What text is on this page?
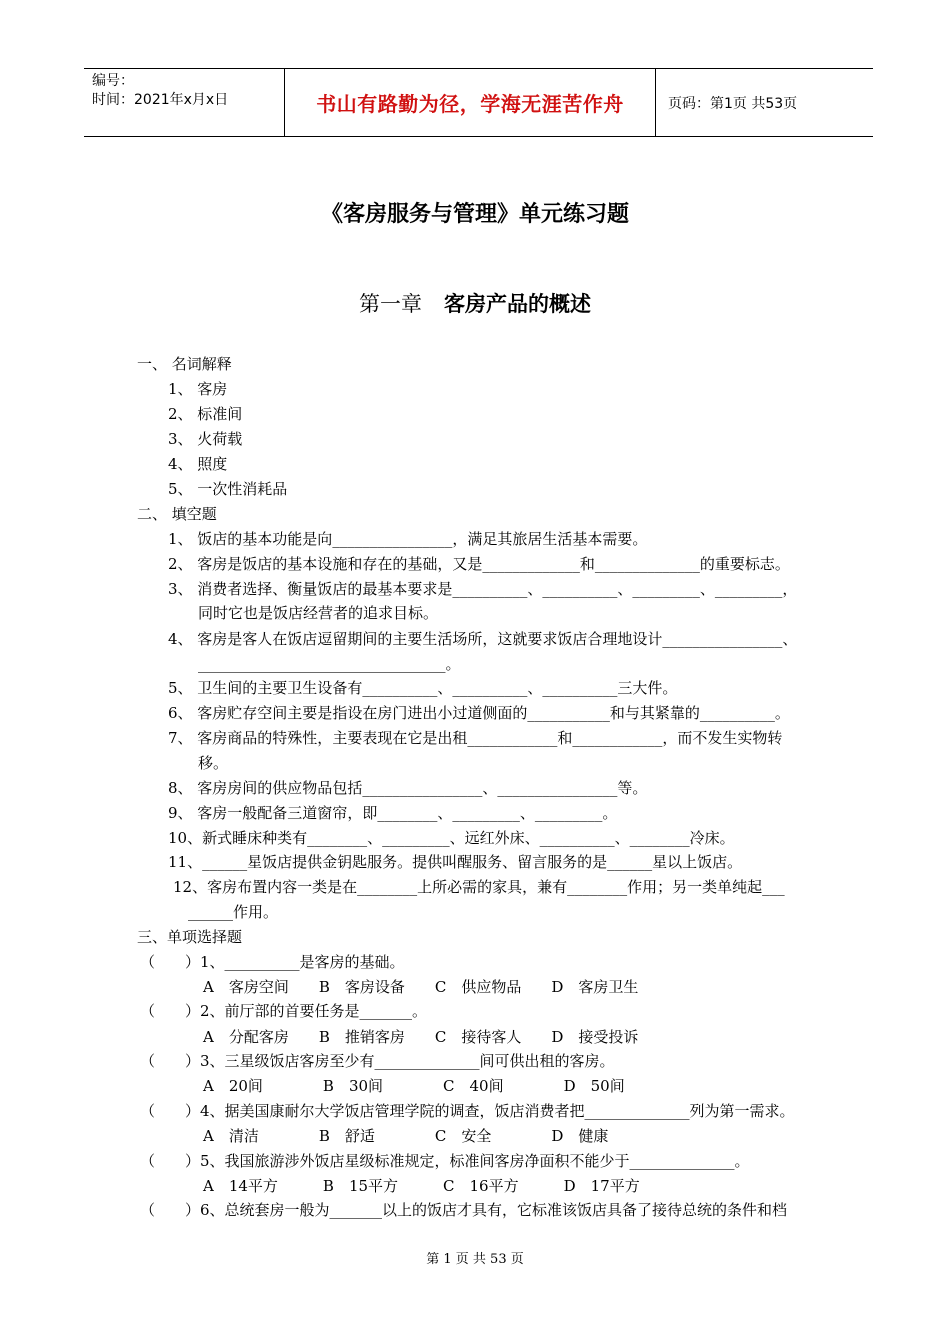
编号：
时间：2021年x月x日	书山有路勤为径，学海无涯苦作舟	页码：第1页 共53页
《客房服务与管理》单元练习题
第一章 客房产品的概述
一、 名词解释
1、 客房
2、 标准间
3、 火荷载
4、 照度
5、 一次性消耗品
二、 填空题
1、 饭店的基本功能是向________________，满足其旅居生活基本需要。
2、 客房是饭店的基本设施和存在的基础，又是_____________和______________的重要标志。
3、 消费者选择、衡量饭店的最基本要求是__________、__________、_________、_________，
同时它也是饭店经营者的追求目标。
4、 客房是客人在饭店逗留期间的主要生活场所，这就要求饭店合理地设计________________、
_________________________________。
5、 卫生间的主要卫生设备有__________、__________、__________三大件。
6、 客房贮存空间主要是指设在房门进出小过道侧面的___________和与其紧靠的__________。
7、 客房商品的特殊性，主要表现在它是出租____________和____________，而不发生实物转
移。
8、 客房房间的供应物品包括________________、________________等。
9、 客房一般配备三道窗帘，即________、_________、_________。
10、新式睡床种类有________、_________、远红外床、__________、________冷床。
11、______星饭店提供金钥匙服务。提供叫醒服务、留言服务的是______星以上饭店。
12、客房布置内容一类是在________上所必需的家具，兼有________作用；另一类单纯起___
______作用。
三、单项选择题
（　　）1、__________是客房的基础。
A　客房空间　　B　客房设备　　C　供应物品　　D　客房卫生
（　　）2、前厅部的首要任务是_______。
A　分配客房　　B　推销客房　　C　接待客人　　D　接受投诉
（　　）3、三星级饭店客房至少有______________间可供出租的客房。
A　20间　　　　B　30间　　　　C　40间　　　　D　50间
（　　）4、据美国康耐尔大学饭店管理学院的调查，饭店消费者把______________列为第一需求。
A　清洁　　　　B　舒适　　　　C　安全　　　　D　健康
（　　）5、我国旅游涉外饭店星级标准规定，标准间客房净面积不能少于______________。
A　14平方　　　B　15平方　　　C　16平方　　　D　17平方
（　　）6、总统套房一般为_______以上的饭店才具有，它标准该饭店具备了接待总统的条件和档
第 1 页 共 53 页
